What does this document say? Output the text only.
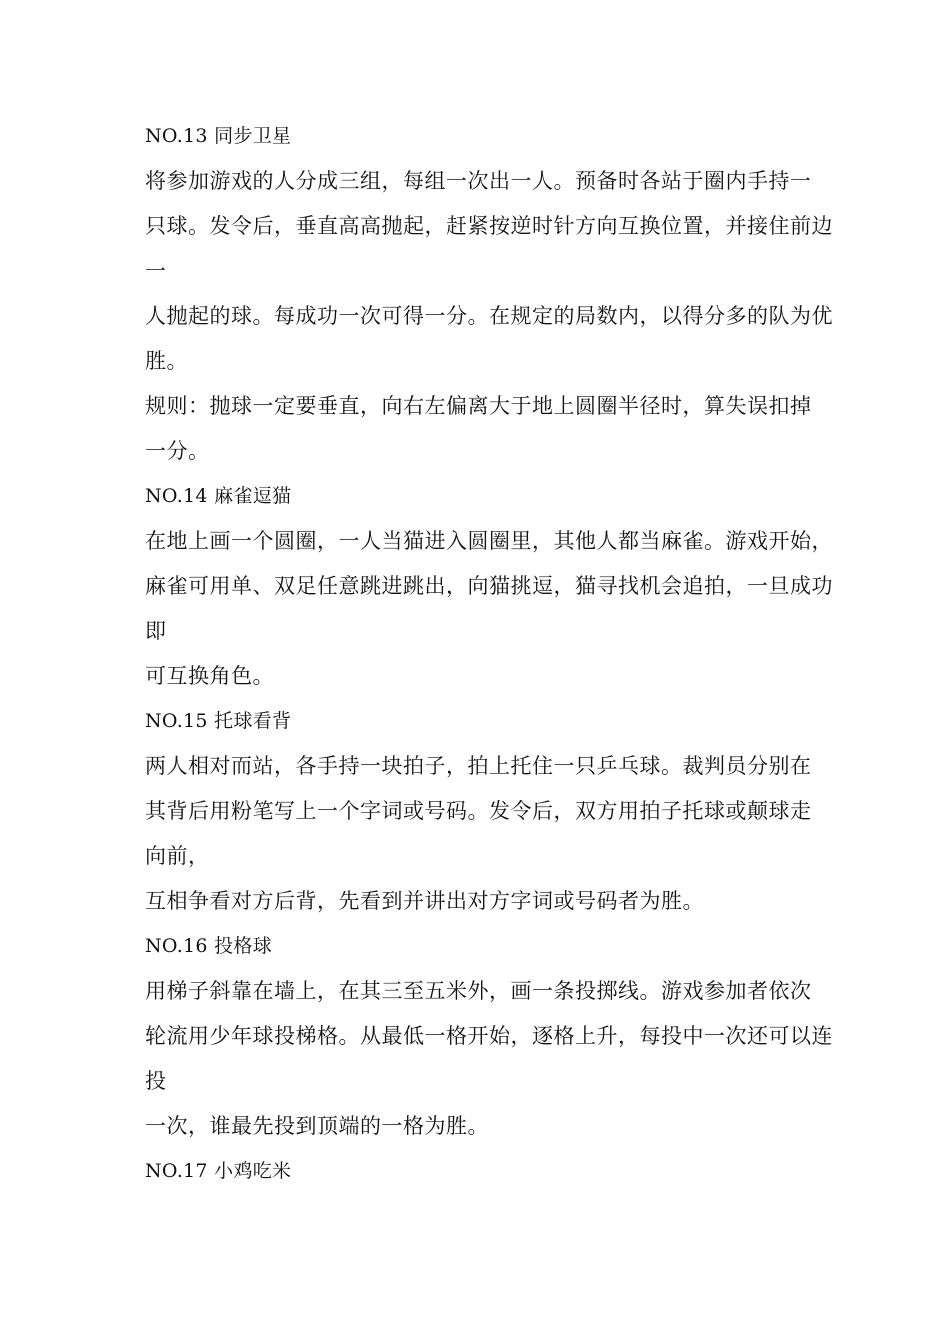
NO.13 同步卫星
将参加游戏的人分成三组，每组一次出一人。预备时各站于圈内手持一
只球。发令后，垂直高高抛起，赶紧按逆时针方向互换位置，并接住前边
一
人抛起的球。每成功一次可得一分。在规定的局数内，以得分多的队为优
胜。
规则：抛球一定要垂直，向右左偏离大于地上圆圈半径时，算失误扣掉
一分。
NO.14 麻雀逗猫
在地上画一个圆圈，一人当猫进入圆圈里，其他人都当麻雀。游戏开始，
麻雀可用单、双足任意跳进跳出，向猫挑逗，猫寻找机会追拍，一旦成功
即
可互换角色。
NO.15 托球看背
两人相对而站，各手持一块拍子，拍上托住一只乒乓球。裁判员分别在
其背后用粉笔写上一个字词或号码。发令后，双方用拍子托球或颠球走
向前，
互相争看对方后背，先看到并讲出对方字词或号码者为胜。
NO.16 投格球
用梯子斜靠在墙上，在其三至五米外，画一条投掷线。游戏参加者依次
轮流用少年球投梯格。从最低一格开始，逐格上升，每投中一次还可以连
投
一次，谁最先投到顶端的一格为胜。
NO.17 小鸡吃米
